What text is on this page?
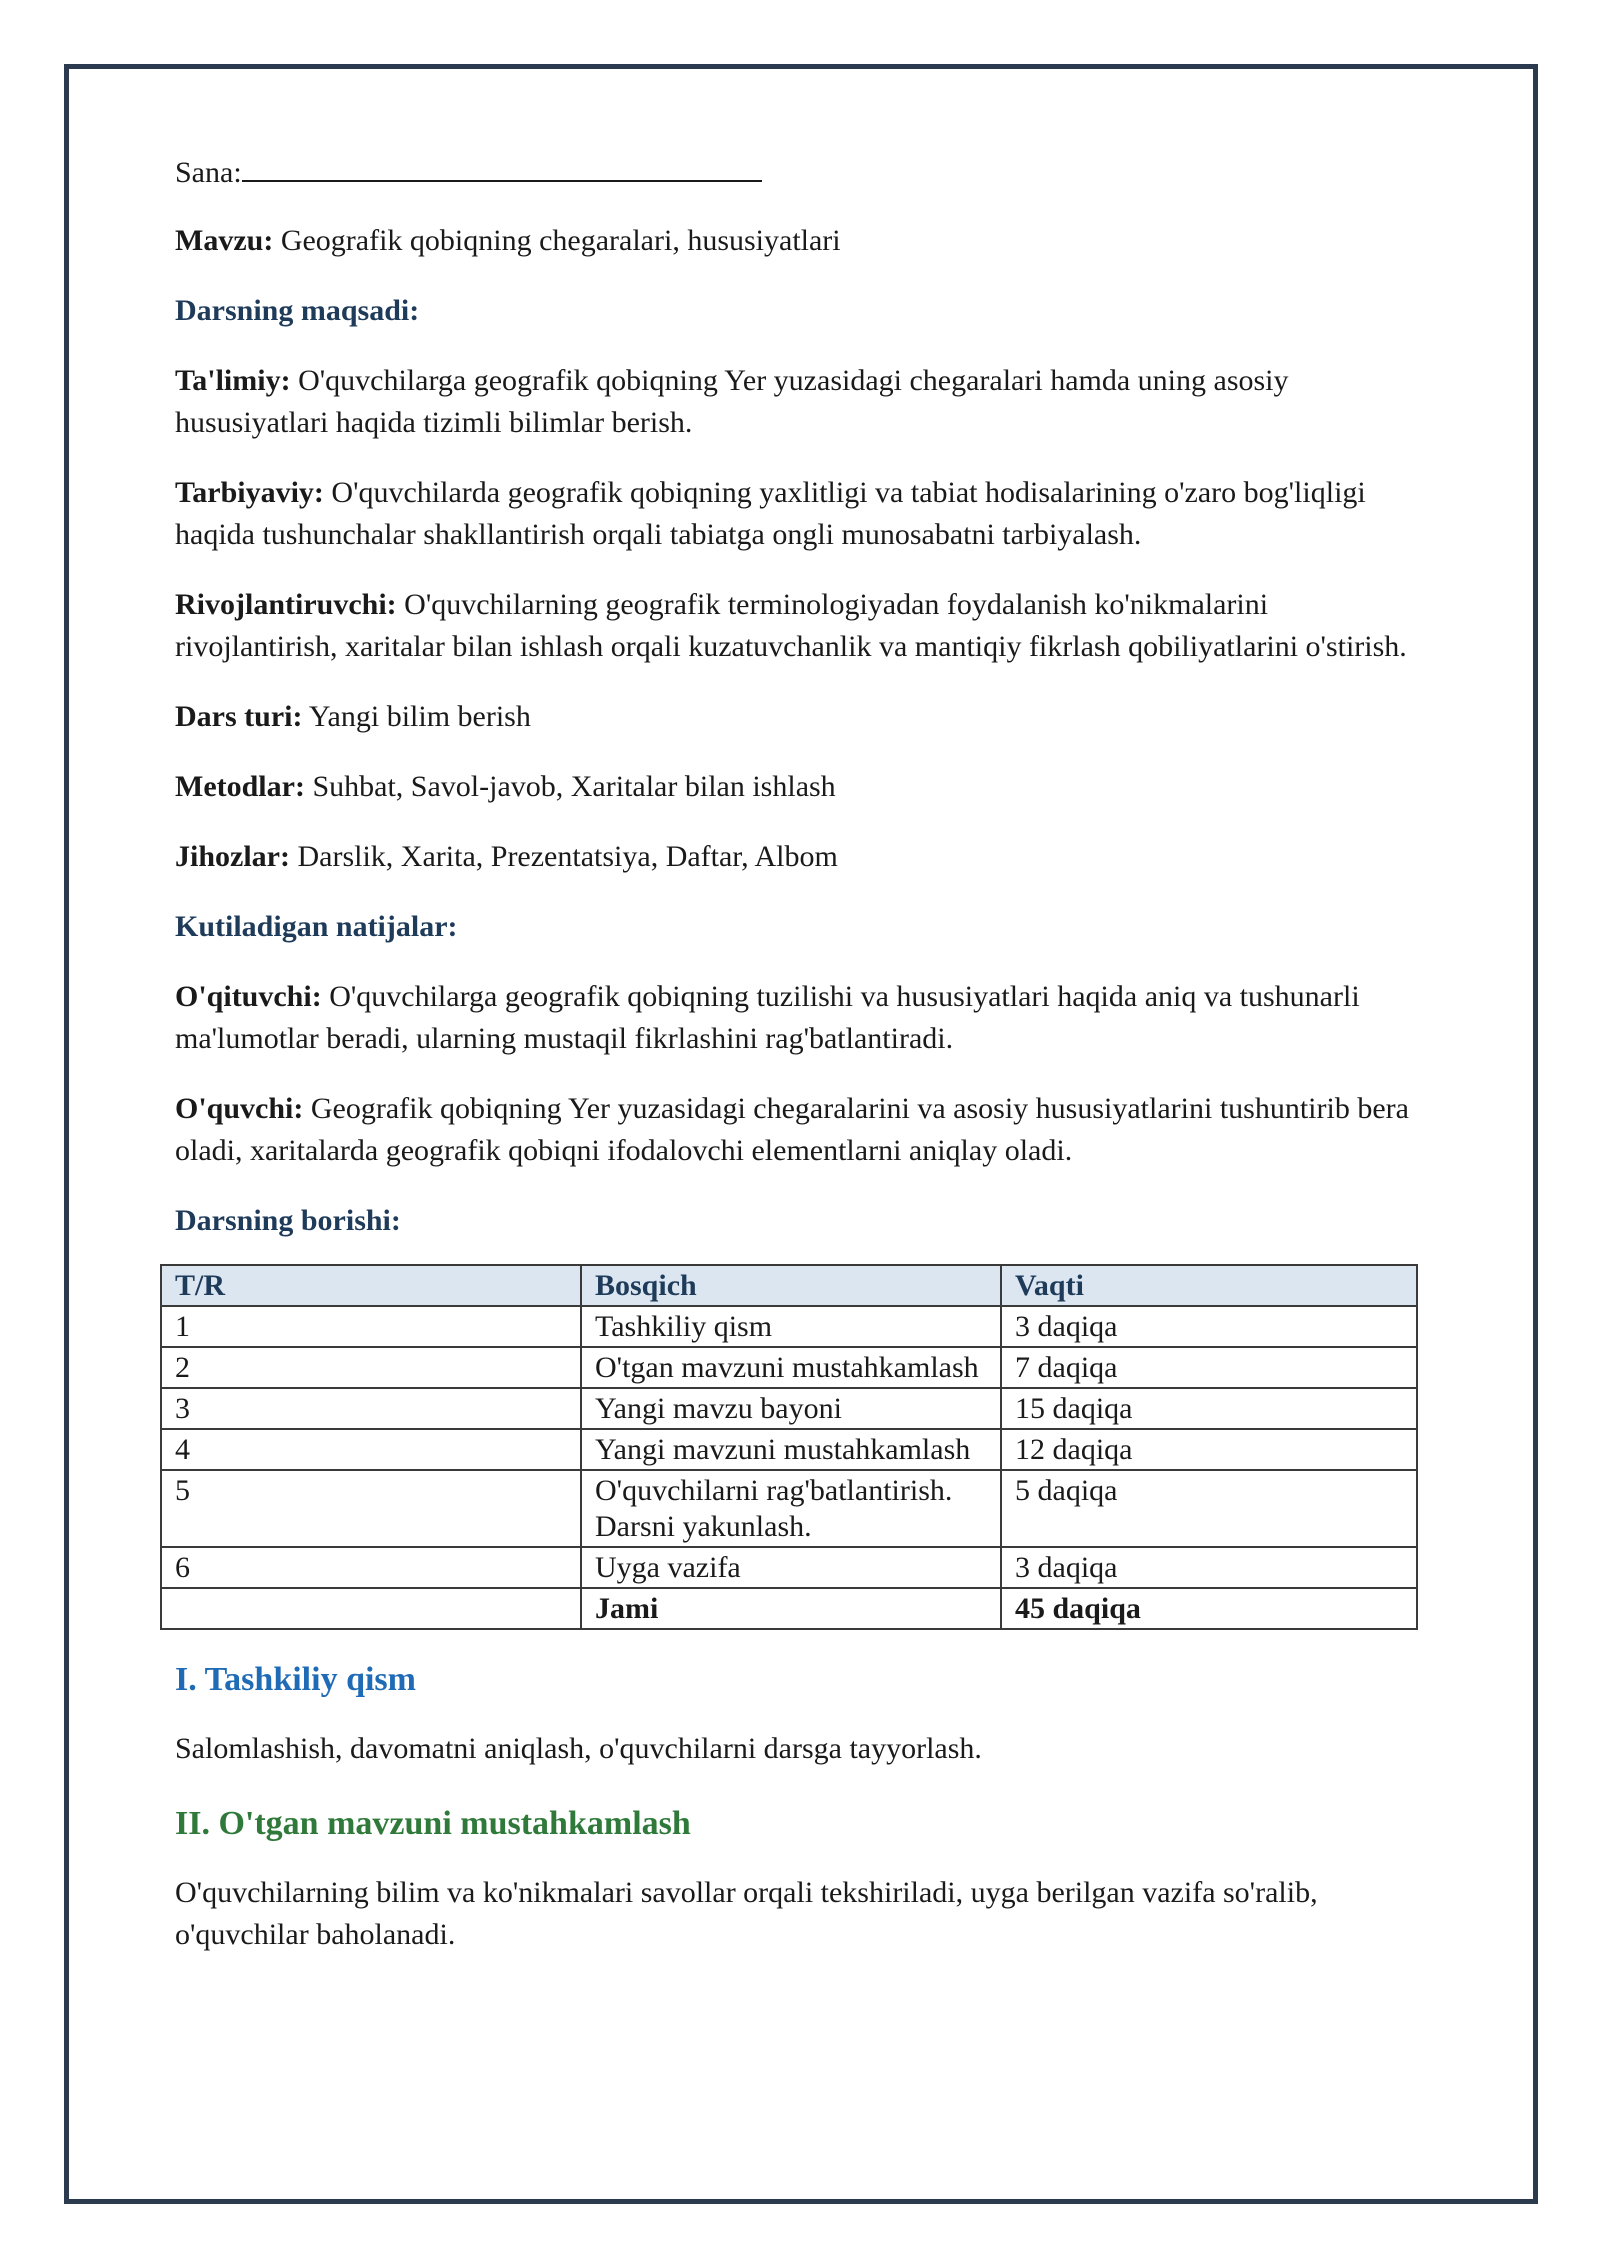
Sana:

Mavzu: Geografik qobiqning chegaralari, hususiyatlari

Darsning maqsadi:

Ta'limiy: O'quvchilarga geografik qobiqning Yer yuzasidagi chegaralari hamda uning asosiy hususiyatlari haqida tizimli bilimlar berish.

Tarbiyaviy: O'quvchilarda geografik qobiqning yaxlitligi va tabiat hodisalarining o'zaro bog'liqligi haqida tushunchalar shakllantirish orqali tabiatga ongli munosabatni tarbiyalash.

Rivojlantiruvchi: O'quvchilarning geografik terminologiyadan foydalanish ko'nikmalarini rivojlantirish, xaritalar bilan ishlash orqali kuzatuvchanlik va mantiqiy fikrlash qobiliyatlarini o'stirish.

Dars turi: Yangi bilim berish

Metodlar: Suhbat, Savol-javob, Xaritalar bilan ishlash

Jihozlar: Darslik, Xarita, Prezentatsiya, Daftar, Albom

Kutiladigan natijalar:

O'qituvchi: O'quvchilarga geografik qobiqning tuzilishi va hususiyatlari haqida aniq va tushunarli ma'lumotlar beradi, ularning mustaqil fikrlashini rag'batlantiradi.

O'quvchi: Geografik qobiqning Yer yuzasidagi chegaralarini va asosiy hususiyatlarini tushuntirib bera oladi, xaritalarda geografik qobiqni ifodalovchi elementlarni aniqlay oladi.

Darsning borishi:
T/R	Bosqich	Vaqti
1	Tashkiliy qism	3 daqiqa
2	O'tgan mavzuni mustahkamlash	7 daqiqa
3	Yangi mavzu bayoni	15 daqiqa
4	Yangi mavzuni mustahkamlash	12 daqiqa
5	O'quvchilarni rag'batlantirish. Darsni yakunlash.	5 daqiqa
6	Uyga vazifa	3 daqiqa
	Jami	45 daqiqa
I. Tashkiliy qism

Salomlashish, davomatni aniqlash, o'quvchilarni darsga tayyorlash.

II. O'tgan mavzuni mustahkamlash

O'quvchilarning bilim va ko'nikmalari savollar orqali tekshiriladi, uyga berilgan vazifa so'ralib, o'quvchilar baholanadi.
